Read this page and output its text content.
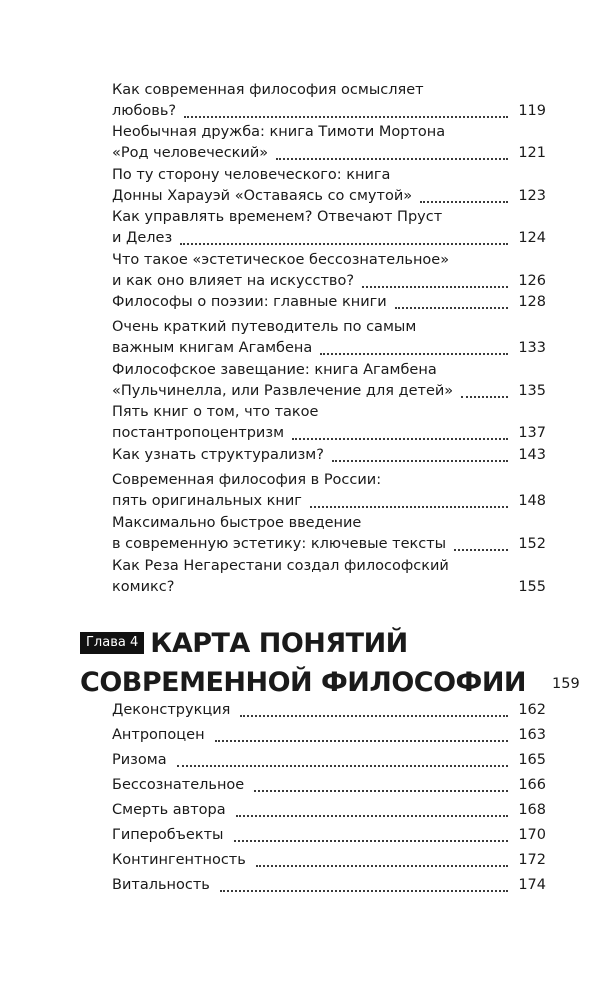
Как современная философия осмысляет
любовь?	119
Необычная дружба: книга Тимоти Мортона
«Род человеческий»	121
По ту сторону человеческого: книга
Донны Харауэй «Оставаясь со смутой»	123
Как управлять временем? Отвечают Пруст
и Делез	124
Что такое «эстетическое бессознательное»
и как оно влияет на искусство?	126
Философы о поэзии: главные книги	128
Очень краткий путеводитель по самым
важным книгам Агамбена	133
Философское завещание: книга Агамбена
«Пульчинелла, или Развлечение для детей»	135
Пять книг о том, что такое
постантропоцентризм	137
Как узнать структурализм?	143
Современная философия в России:
пять оригинальных книг	148
Максимально быстрое введение
в современную эстетику: ключевые тексты	152
Как Реза Негарестани создал философский
комикс?	155
Деконструкция	162
Антропоцен	163
Ризома	165
Бессознательное	166
Смерть автора	168
Гиперобъекты	170
Контингентность	172
Витальность	174
Глава 4 КАРТА ПОНЯТИЙ
СОВРЕМЕННОЙ ФИЛОСОФИИ 159
